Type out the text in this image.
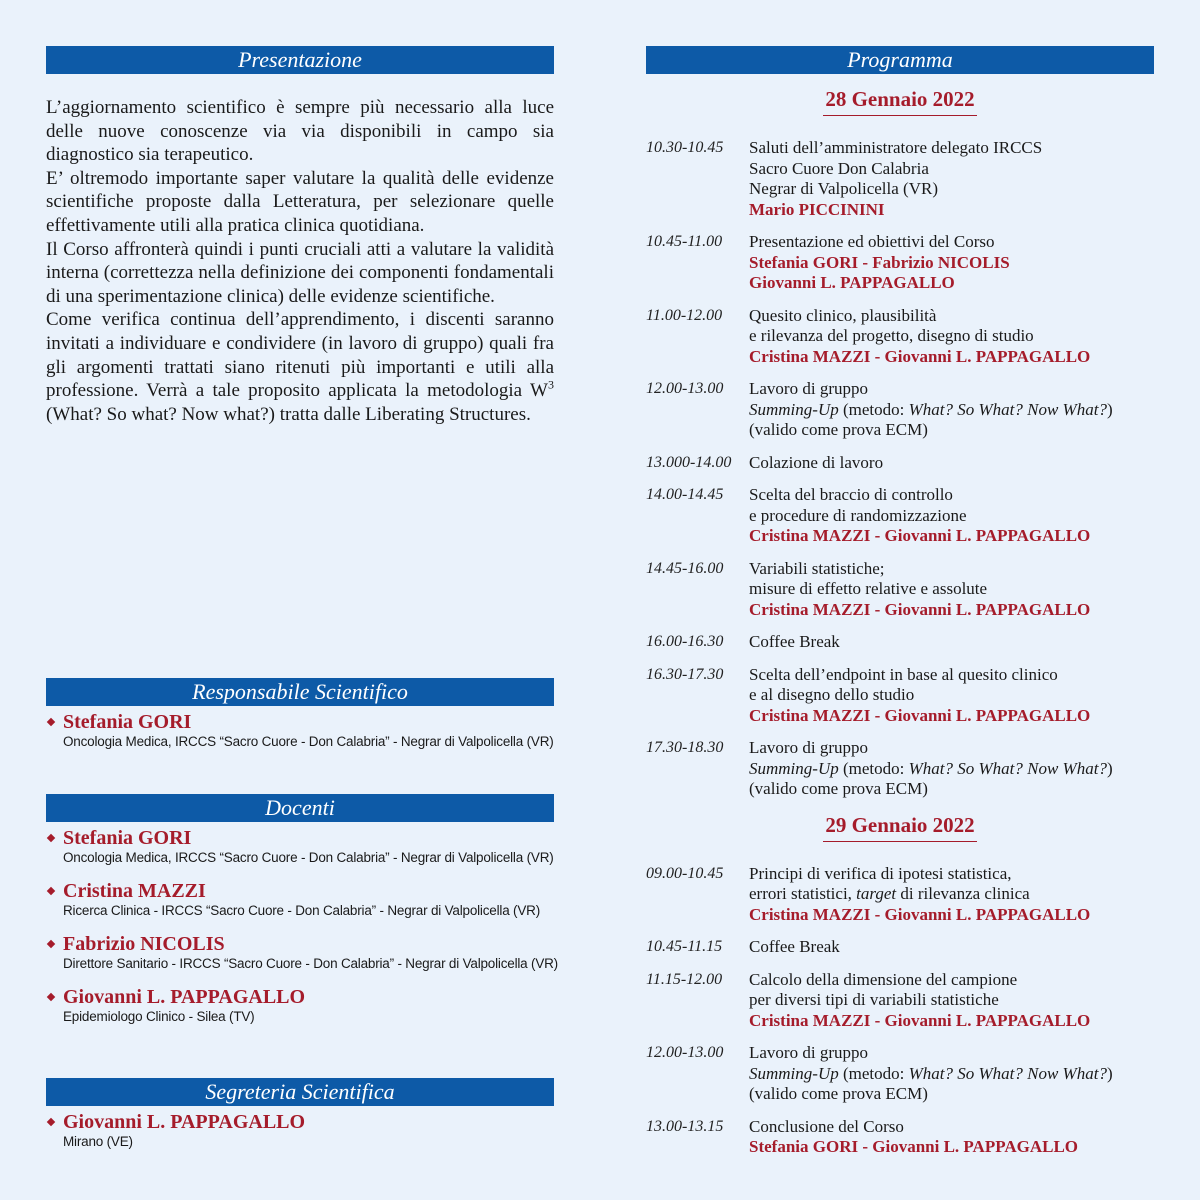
Presentazione

L’aggiornamento scientifico è sempre più necessario alla luce delle nuove conoscenze via via disponibili in campo sia diagnostico sia terapeutico.

E’ oltremodo importante saper valutare la qualità delle evidenze scientifiche proposte dalla Letteratura, per selezionare quelle effettivamente utili alla pratica clinica quotidiana.

Il Corso affronterà quindi i punti cruciali atti a valutare la validità interna (correttezza nella definizione dei componenti fondamentali di una sperimentazione clinica) delle evidenze scientifiche.

Come verifica continua dell’apprendimento, i discenti saranno invitati a individuare e condividere (in lavoro di gruppo) quali fra gli argomenti trattati siano ritenuti più importanti e utili alla professione. Verrà a tale proposito applicata la metodologia $W^3$ (What? So what? Now what?) tratta dalle Liberating Structures.

Responsabile Scientifico
Stefania GORI
Oncologia Medica, IRCCS “Sacro Cuore - Don Calabria” - Negrar di Valpolicella (VR)
Docenti
Stefania GORI
Oncologia Medica, IRCCS “Sacro Cuore - Don Calabria” - Negrar di Valpolicella (VR)
Cristina MAZZI
Ricerca Clinica - IRCCS “Sacro Cuore - Don Calabria” - Negrar di Valpolicella (VR)
Fabrizio NICOLIS
Direttore Sanitario - IRCCS “Sacro Cuore - Don Calabria” - Negrar di Valpolicella (VR)
Giovanni L. PAPPAGALLO
Epidemiologo Clinico - Silea (TV)
Segreteria Scientifica
Giovanni L. PAPPAGALLO
Mirano (VE)
Programma
28 Gennaio 2022
10.30-10.45	Saluti dell’amministratore delegato IRCCS
Sacro Cuore Don Calabria
Negrar di Valpolicella (VR)
Mario PICCININI
10.45-11.00	Presentazione ed obiettivi del Corso
Stefania GORI - Fabrizio NICOLIS
Giovanni L. PAPPAGALLO
11.00-12.00	Quesito clinico, plausibilità
e rilevanza del progetto, disegno di studio
Cristina MAZZI - Giovanni L. PAPPAGALLO
12.00-13.00	Lavoro di gruppo
Summing-Up (metodo: What? So What? Now What?)
(valido come prova ECM)
13.000-14.00	Colazione di lavoro
14.00-14.45	Scelta del braccio di controllo
e procedure di randomizzazione
Cristina MAZZI - Giovanni L. PAPPAGALLO
14.45-16.00	Variabili statistiche;
misure di effetto relative e assolute
Cristina MAZZI - Giovanni L. PAPPAGALLO
16.00-16.30	Coffee Break
16.30-17.30	Scelta dell’endpoint in base al quesito clinico
e al disegno dello studio
Cristina MAZZI - Giovanni L. PAPPAGALLO
17.30-18.30	Lavoro di gruppo
Summing-Up (metodo: What? So What? Now What?)
(valido come prova ECM)
29 Gennaio 2022
09.00-10.45	Principi di verifica di ipotesi statistica,
errori statistici, target di rilevanza clinica
Cristina MAZZI - Giovanni L. PAPPAGALLO
10.45-11.15	Coffee Break
11.15-12.00	Calcolo della dimensione del campione
per diversi tipi di variabili statistiche
Cristina MAZZI - Giovanni L. PAPPAGALLO
12.00-13.00	Lavoro di gruppo
Summing-Up (metodo: What? So What? Now What?)
(valido come prova ECM)
13.00-13.15	Conclusione del Corso
Stefania GORI - Giovanni L. PAPPAGALLO
